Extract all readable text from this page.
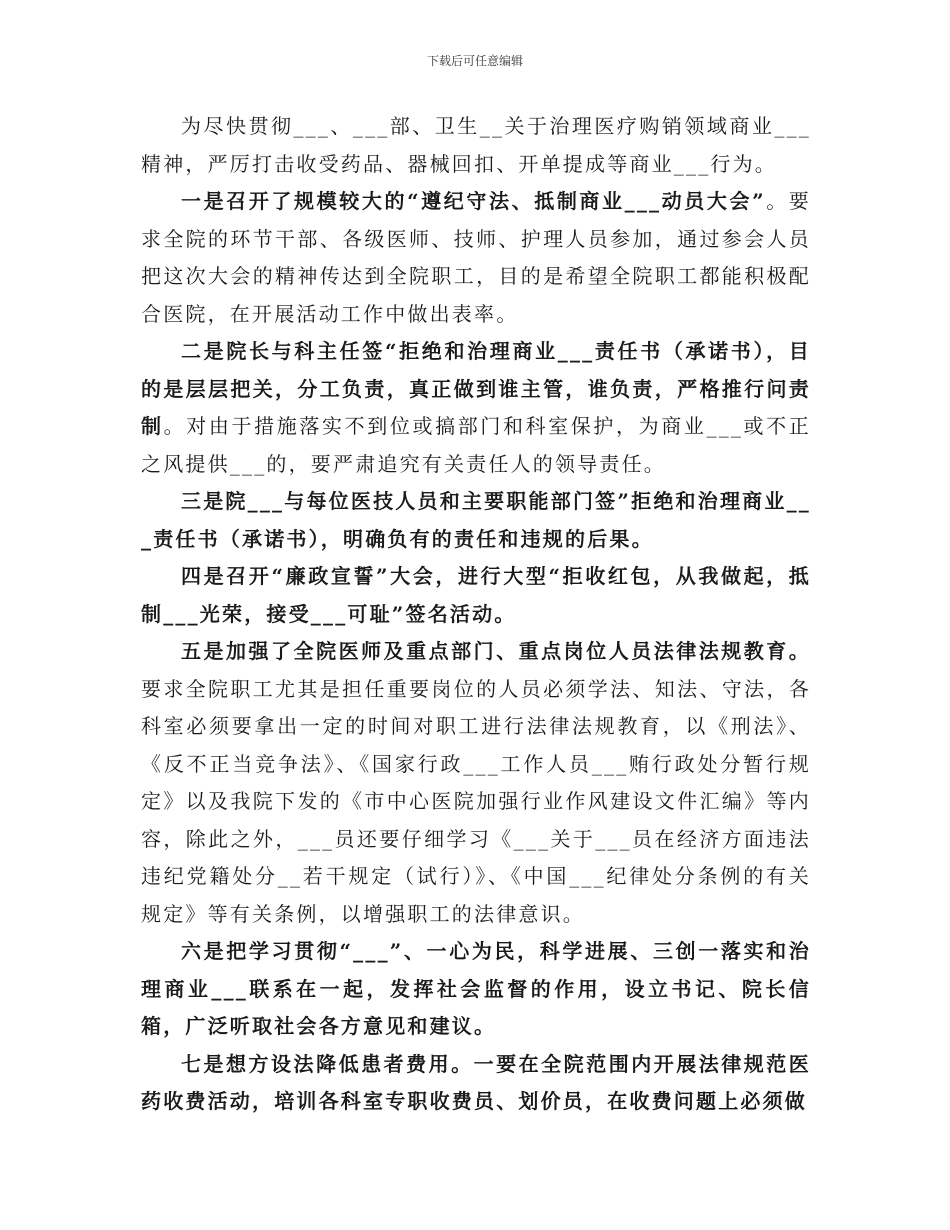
下载后可任意编辑

为尽快贯彻___、___部、卫生__关于治理医疗购销领域商业___精神，严厉打击收受药品、器械回扣、开单提成等商业___行为。

一是召开了规模较大的“遵纪守法、抵制商业___动员大会”。要求全院的环节干部、各级医师、技师、护理人员参加，通过参会人员把这次大会的精神传达到全院职工，目的是希望全院职工都能积极配合医院，在开展活动工作中做出表率。

二是院长与科主任签“拒绝和治理商业___责任书（承诺书），目的是层层把关，分工负责，真正做到谁主管，谁负责，严格推行问责制。对由于措施落实不到位或搞部门和科室保护，为商业___或不正之风提供___的，要严肃追究有关责任人的领导责任。

三是院___与每位医技人员和主要职能部门签”拒绝和治理商业___责任书（承诺书），明确负有的责任和违规的后果。

四是召开“廉政宣誓”大会，进行大型“拒收红包，从我做起，抵制___光荣，接受___可耻”签名活动。

五是加强了全院医师及重点部门、重点岗位人员法律法规教育。要求全院职工尤其是担任重要岗位的人员必须学法、知法、守法，各科室必须要拿出一定的时间对职工进行法律法规教育，以《刑法》、《反不正当竞争法》、《国家行政___工作人员___贿行政处分暂行规定》以及我院下发的《市中心医院加强行业作风建设文件汇编》等内容，除此之外，___员还要仔细学习《___关于___员在经济方面违法违纪党籍处分__若干规定（试行）》、《中国___纪律处分条例的有关规定》等有关条例，以增强职工的法律意识。

六是把学习贯彻“___”、一心为民，科学进展、三创一落实和治理商业___联系在一起，发挥社会监督的作用，设立书记、院长信箱，广泛听取社会各方意见和建议。

七是想方设法降低患者费用。一要在全院范围内开展法律规范医药收费活动，培训各科室专职收费员、划价员，在收费问题上必须做
